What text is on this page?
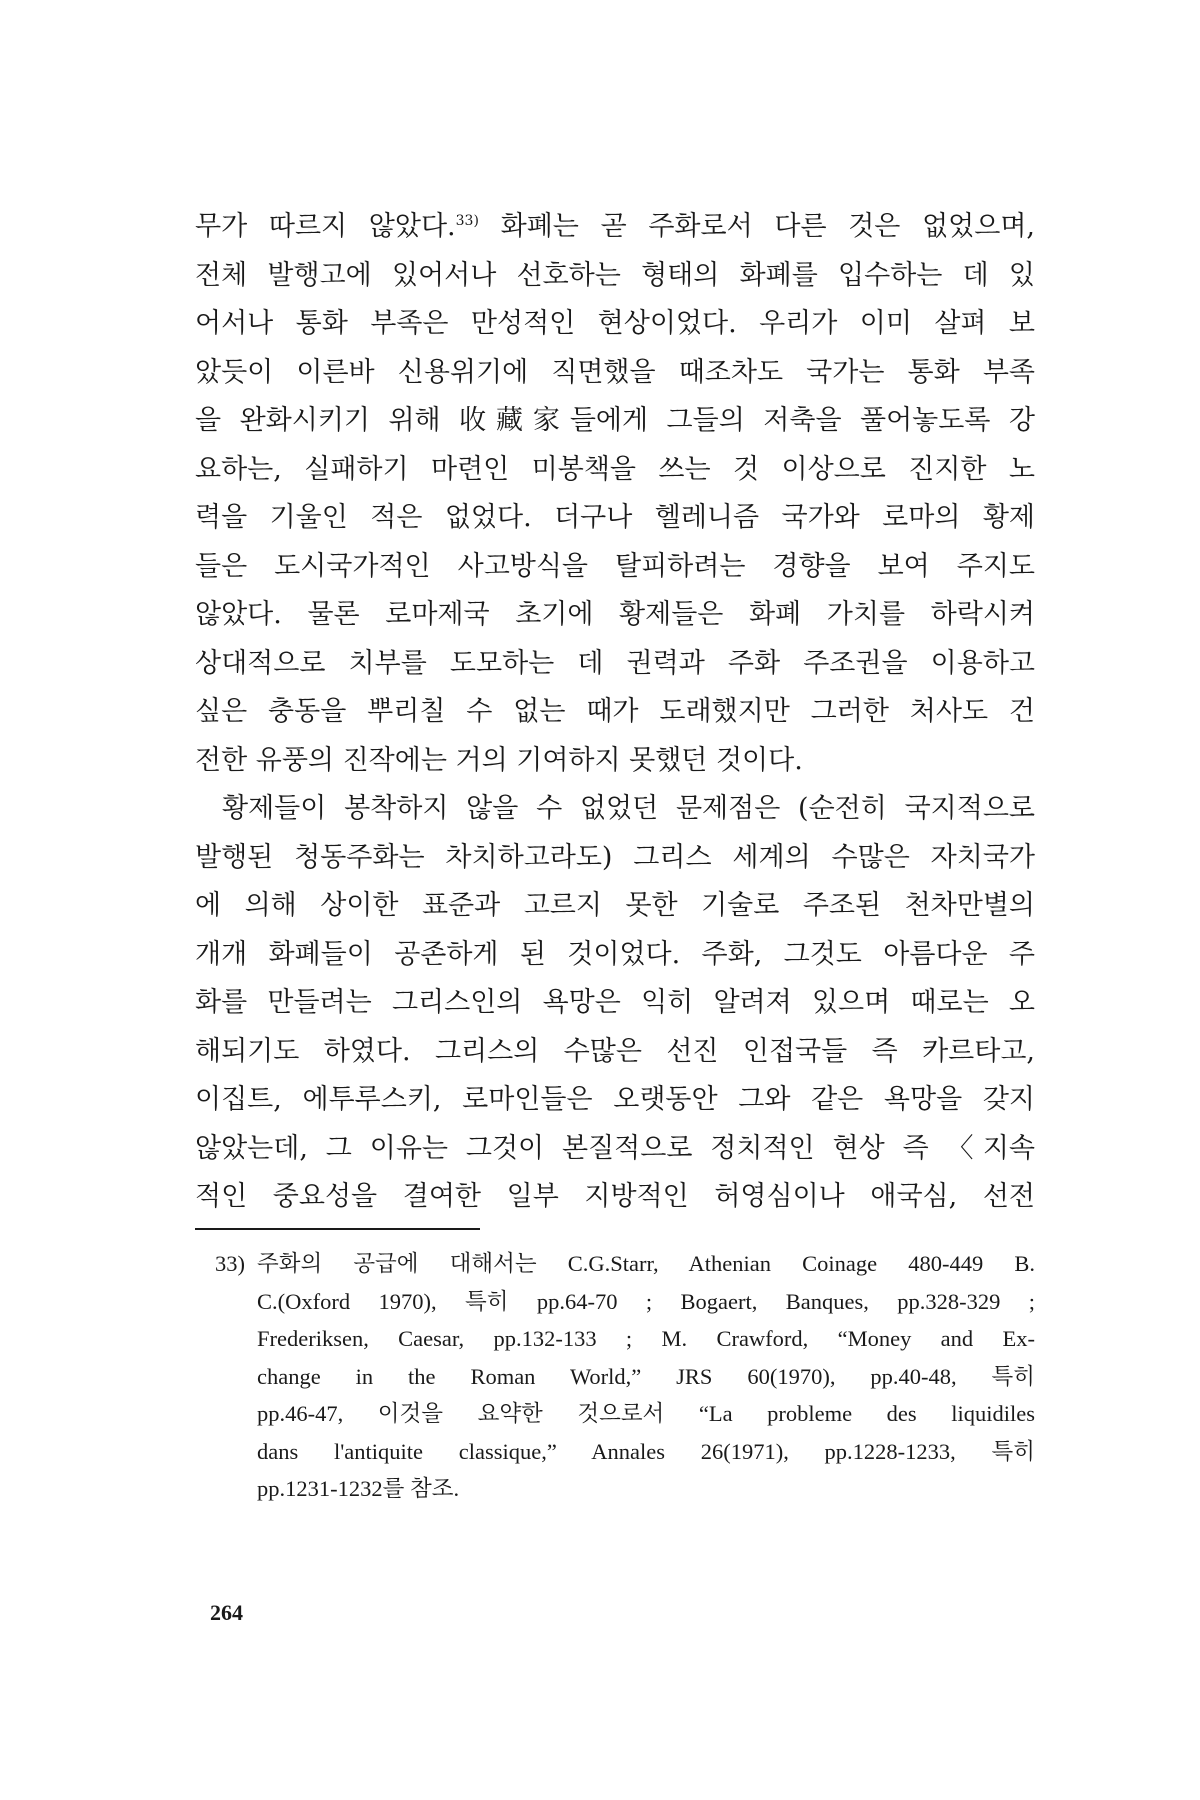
무가 따르지 않았다.$^{33)}$ 화폐는 곧 주화로서 다른 것은 없었으며,
전체 발행고에 있어서나 선호하는 형태의 화폐를 입수하는 데 있
어서나 통화 부족은 만성적인 현상이었다. 우리가 이미 살펴 보
았듯이 이른바 신용위기에 직면했을 때조차도 국가는 통화 부족
을 완화시키기 위해 收藏家들에게 그들의 저축을 풀어놓도록 강
요하는, 실패하기 마련인 미봉책을 쓰는 것 이상으로 진지한 노
력을 기울인 적은 없었다. 더구나 헬레니즘 국가와 로마의 황제
들은 도시국가적인 사고방식을 탈피하려는 경향을 보여 주지도
않았다. 물론 로마제국 초기에 황제들은 화폐 가치를 하락시켜
상대적으로 치부를 도모하는 데 권력과 주화 주조권을 이용하고
싶은 충동을 뿌리칠 수 없는 때가 도래했지만 그러한 처사도 건
전한 유풍의 진작에는 거의 기여하지 못했던 것이다.
황제들이 봉착하지 않을 수 없었던 문제점은 (순전히 국지적으로
발행된 청동주화는 차치하고라도) 그리스 세계의 수많은 자치국가
에 의해 상이한 표준과 고르지 못한 기술로 주조된 천차만별의
개개 화폐들이 공존하게 된 것이었다. 주화, 그것도 아름다운 주
화를 만들려는 그리스인의 욕망은 익히 알려져 있으며 때로는 오
해되기도 하였다. 그리스의 수많은 선진 인접국들 즉 카르타고,
이집트, 에투루스키, 로마인들은 오랫동안 그와 같은 욕망을 갖지
않았는데, 그 이유는 그것이 본질적으로 정치적인 현상 즉 〈지속
적인 중요성을 결여한 일부 지방적인 허영심이나 애국심, 선전
33) 주화의 공급에 대해서는 C.G.Starr, Athenian Coinage 480-449 B.
C.(Oxford 1970), 특히 pp.64-70 ; Bogaert, Banques, pp.328-329 ;
Frederiksen, Caesar, pp.132-133 ; M. Crawford, “Money and Ex-
change in the Roman World,” JRS 60(1970), pp.40-48, 특히
pp.46-47, 이것을 요약한 것으로서 “La probleme des liquidiles
dans l'antiquite classique,” Annales 26(1971), pp.1228-1233, 특히
pp.1231-1232를 참조.
264
